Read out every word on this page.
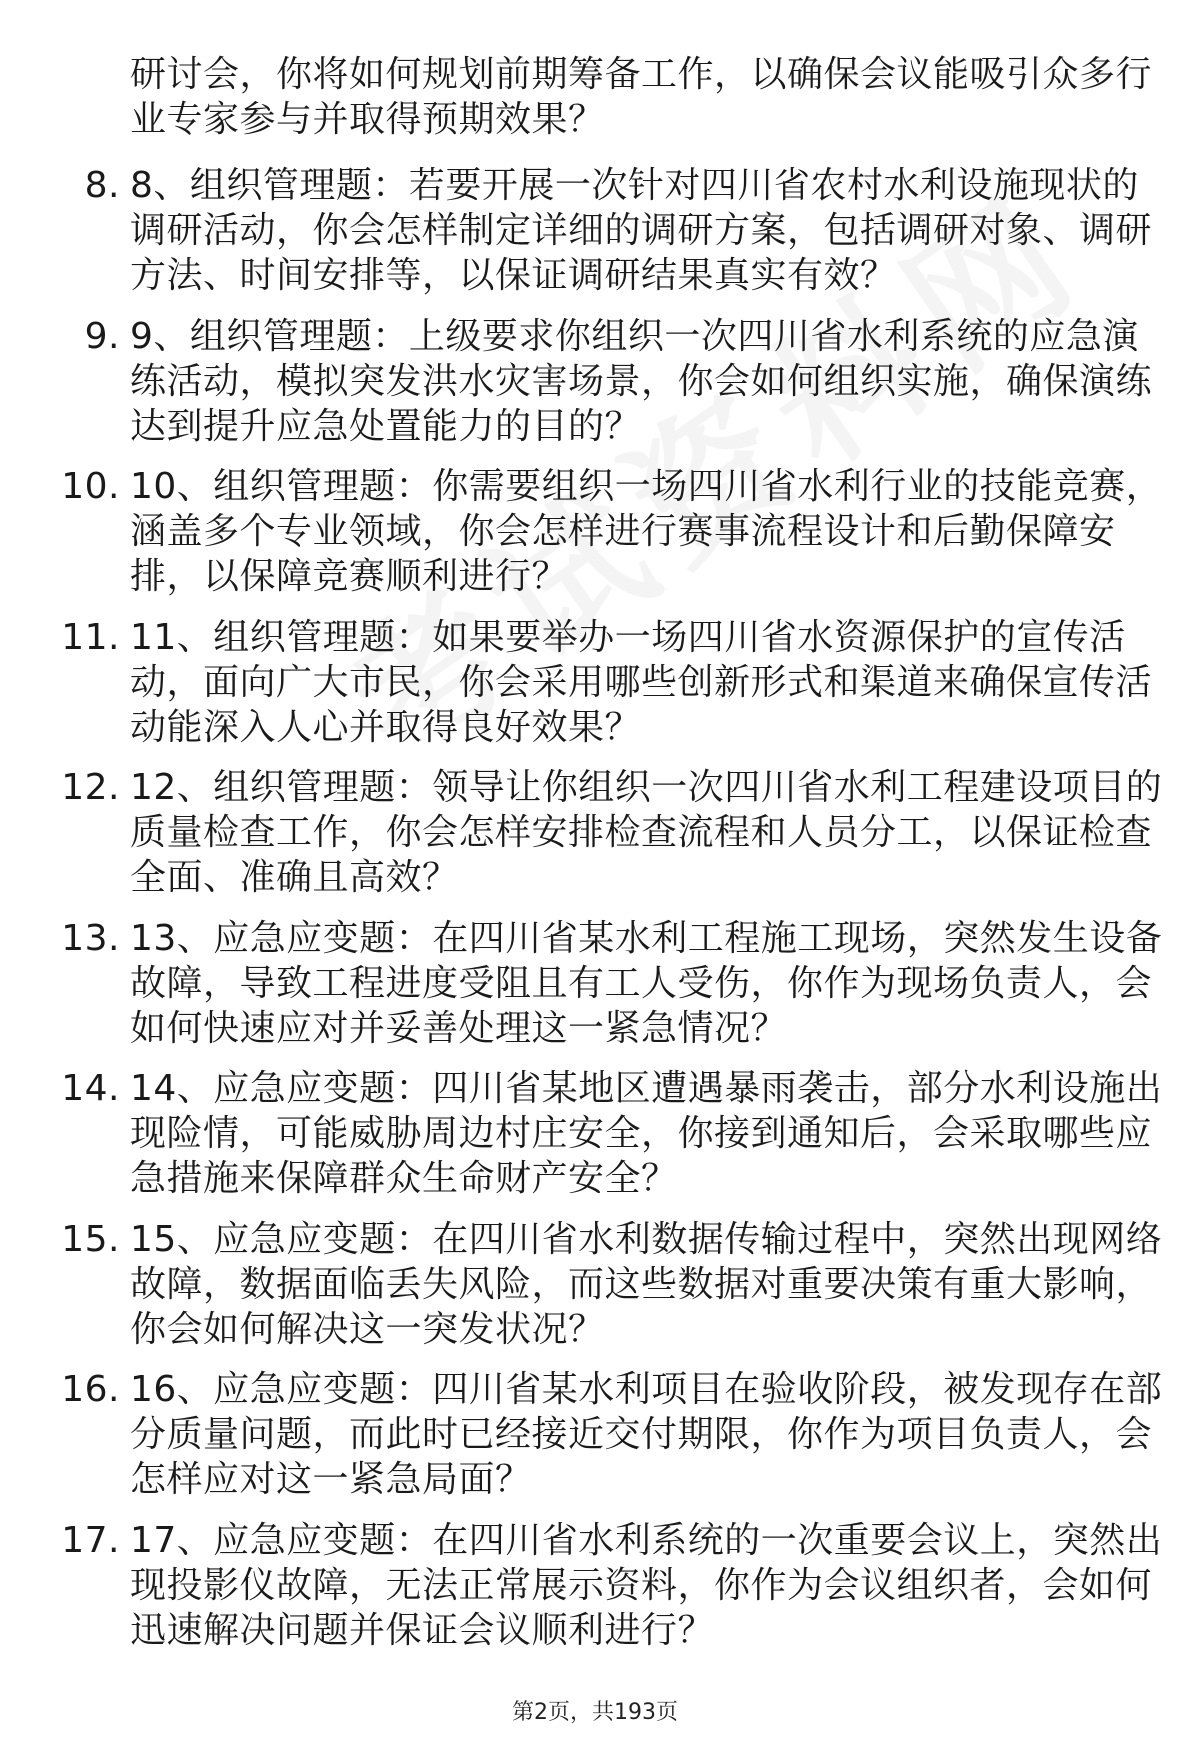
研讨会，你将如何规划前期筹备工作，以确保会议能吸引众多行业专家参与并取得预期效果？
8. 8、组织管理题：若要开展一次针对四川省农村水利设施现状的调研活动，你会怎样制定详细的调研方案，包括调研对象、调研方法、时间安排等，以保证调研结果真实有效？
9. 9、组织管理题：上级要求你组织一次四川省水利系统的应急演练活动，模拟突发洪水灾害场景，你会如何组织实施，确保演练达到提升应急处置能力的目的？
10. 10、组织管理题：你需要组织一场四川省水利行业的技能竞赛，涵盖多个专业领域，你会怎样进行赛事流程设计和后勤保障安排，以保障竞赛顺利进行？
11. 11、组织管理题：如果要举办一场四川省水资源保护的宣传活动，面向广大市民，你会采用哪些创新形式和渠道来确保宣传活动能深入人心并取得良好效果？
12. 12、组织管理题：领导让你组织一次四川省水利工程建设项目的质量检查工作，你会怎样安排检查流程和人员分工，以保证检查全面、准确且高效？
13. 13、应急应变题：在四川省某水利工程施工现场，突然发生设备故障，导致工程进度受阻且有工人受伤，你作为现场负责人，会如何快速应对并妥善处理这一紧急情况？
14. 14、应急应变题：四川省某地区遭遇暴雨袭击，部分水利设施出现险情，可能威胁周边村庄安全，你接到通知后，会采取哪些应急措施来保障群众生命财产安全？
15. 15、应急应变题：在四川省水利数据传输过程中，突然出现网络故障，数据面临丢失风险，而这些数据对重要决策有重大影响，你会如何解决这一突发状况？
16. 16、应急应变题：四川省某水利项目在验收阶段，被发现存在部分质量问题，而此时已经接近交付期限，你作为项目负责人，会怎样应对这一紧急局面？
17. 17、应急应变题：在四川省水利系统的一次重要会议上，突然出现投影仪故障，无法正常展示资料，你作为会议组织者，会如何迅速解决问题并保证会议顺利进行？
第2页，共193页
